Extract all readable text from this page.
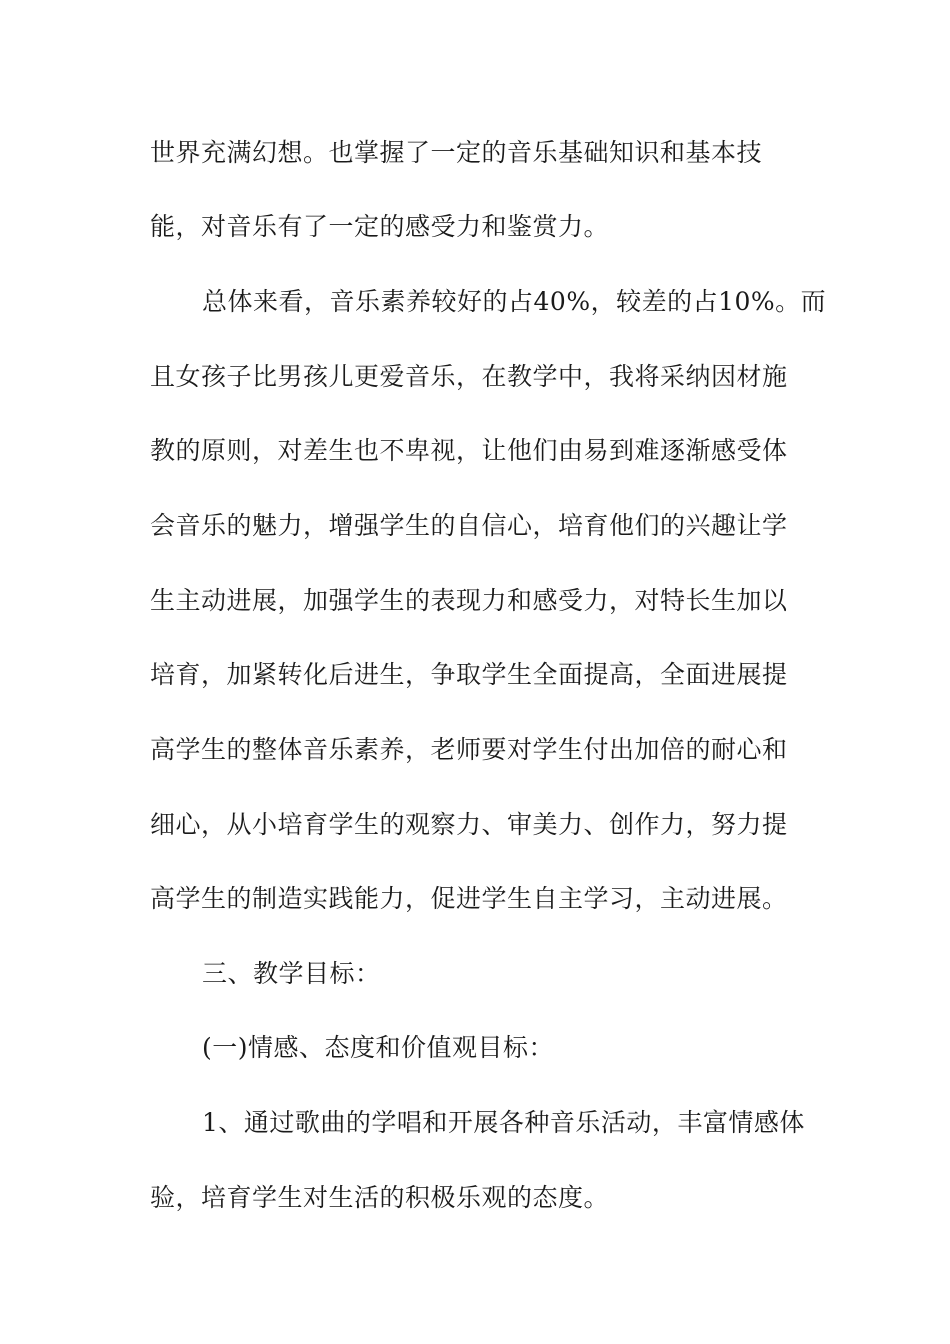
世界充满幻想。也掌握了一定的音乐基础知识和基本技
能，对音乐有了一定的感受力和鉴赏力。
总体来看，音乐素养较好的占40%，较差的占10%。而
且女孩子比男孩儿更爱音乐，在教学中，我将采纳因材施
教的原则，对差生也不卑视，让他们由易到难逐渐感受体
会音乐的魅力，增强学生的自信心，培育他们的兴趣让学
生主动进展，加强学生的表现力和感受力，对特长生加以
培育，加紧转化后进生，争取学生全面提高，全面进展提
高学生的整体音乐素养，老师要对学生付出加倍的耐心和
细心，从小培育学生的观察力、审美力、创作力，努力提
高学生的制造实践能力，促进学生自主学习，主动进展。
三、教学目标：
(一)情感、态度和价值观目标：
1、通过歌曲的学唱和开展各种音乐活动，丰富情感体
验，培育学生对生活的积极乐观的态度。
